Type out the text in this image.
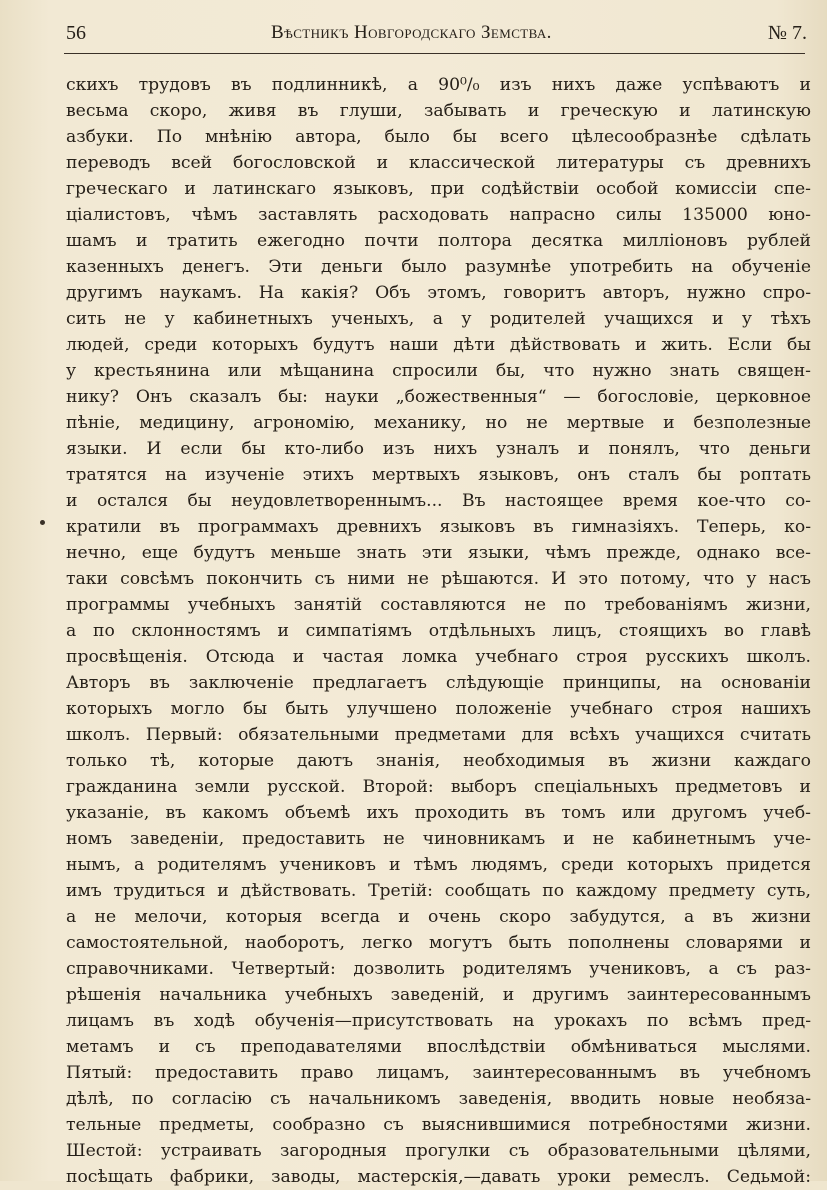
56	Вѣстникъ Новгородскаго Земства.	№ 7.
скихъ трудовъ въ подлинникѣ, а 90⁰/₀ изъ нихъ даже успѣваютъ и
весьма скоро, живя въ глуши, забывать и греческую и латинскую
азбуки. По мнѣнію автора, было бы всего цѣлесообразнѣе сдѣлать
переводъ всей богословской и классической литературы съ древнихъ
греческаго и латинскаго языковъ, при содѣйствіи особой комиссіи спе-
ціалистовъ, чѣмъ заставлять расходовать напрасно силы 135000 юно-
шамъ и тратить ежегодно почти полтора десятка милліоновъ рублей
казенныхъ денегъ. Эти деньги было разумнѣе употребить на обученіе
другимъ наукамъ. На какія? Объ этомъ, говоритъ авторъ, нужно спро-
сить не у кабинетныхъ ученыхъ, а у родителей учащихся и у тѣхъ
людей, среди которыхъ будутъ наши дѣти дѣйствовать и жить. Если бы
у крестьянина или мѣщанина спросили бы, что нужно знать священ-
нику? Онъ сказалъ бы: науки „божественныя“ — богословіе, церковное
пѣніе, медицину, агрономію, механику, но не мертвые и безполезные
языки. И если бы кто-либо изъ нихъ узналъ и понялъ, что деньги
тратятся на изученіе этихъ мертвыхъ языковъ, онъ сталъ бы роптать
и остался бы неудовлетвореннымъ... Въ настоящее время кое-что со-
кратили въ программахъ древнихъ языковъ въ гимназіяхъ. Теперь, ко-
нечно, еще будутъ меньше знать эти языки, чѣмъ прежде, однако все-
таки совсѣмъ покончить съ ними не рѣшаются. И это потому, что у насъ
программы учебныхъ занятій составляются не по требованіямъ жизни,
а по склонностямъ и симпатіямъ отдѣльныхъ лицъ, стоящихъ во главѣ
просвѣщенія. Отсюда и частая ломка учебнаго строя русскихъ школъ.
Авторъ въ заключеніе предлагаетъ слѣдующіе принципы, на основаніи
которыхъ могло бы быть улучшено положеніе учебнаго строя нашихъ
школъ. Первый: обязательными предметами для всѣхъ учащихся считать
только тѣ, которые даютъ знанія, необходимыя въ жизни каждаго
гражданина земли русской. Второй: выборъ спеціальныхъ предметовъ и
указаніе, въ какомъ объемѣ ихъ проходить въ томъ или другомъ учеб-
номъ заведеніи, предоставить не чиновникамъ и не кабинетнымъ уче-
нымъ, а родителямъ учениковъ и тѣмъ людямъ, среди которыхъ придется
имъ трудиться и дѣйствовать. Третій: сообщать по каждому предмету суть,
а не мелочи, которыя всегда и очень скоро забудутся, а въ жизни
самостоятельной, наоборотъ, легко могутъ быть пополнены словарями и
справочниками. Четвертый: дозволить родителямъ учениковъ, а съ раз-
рѣшенія начальника учебныхъ заведеній, и другимъ заинтересованнымъ
лицамъ въ ходѣ обученія—присутствовать на урокахъ по всѣмъ пред-
метамъ и съ преподавателями впослѣдствіи обмѣниваться мыслями.
Пятый: предоставить право лицамъ, заинтересованнымъ въ учебномъ
дѣлѣ, по согласію съ начальникомъ заведенія, вводить новые необяза-
тельные предметы, сообразно съ выяснившимися потребностями жизни.
Шестой: устраивать загородныя прогулки съ образовательными цѣлями,
посѣщать фабрики, заводы, мастерскія,—давать уроки ремеслъ. Седьмой:
